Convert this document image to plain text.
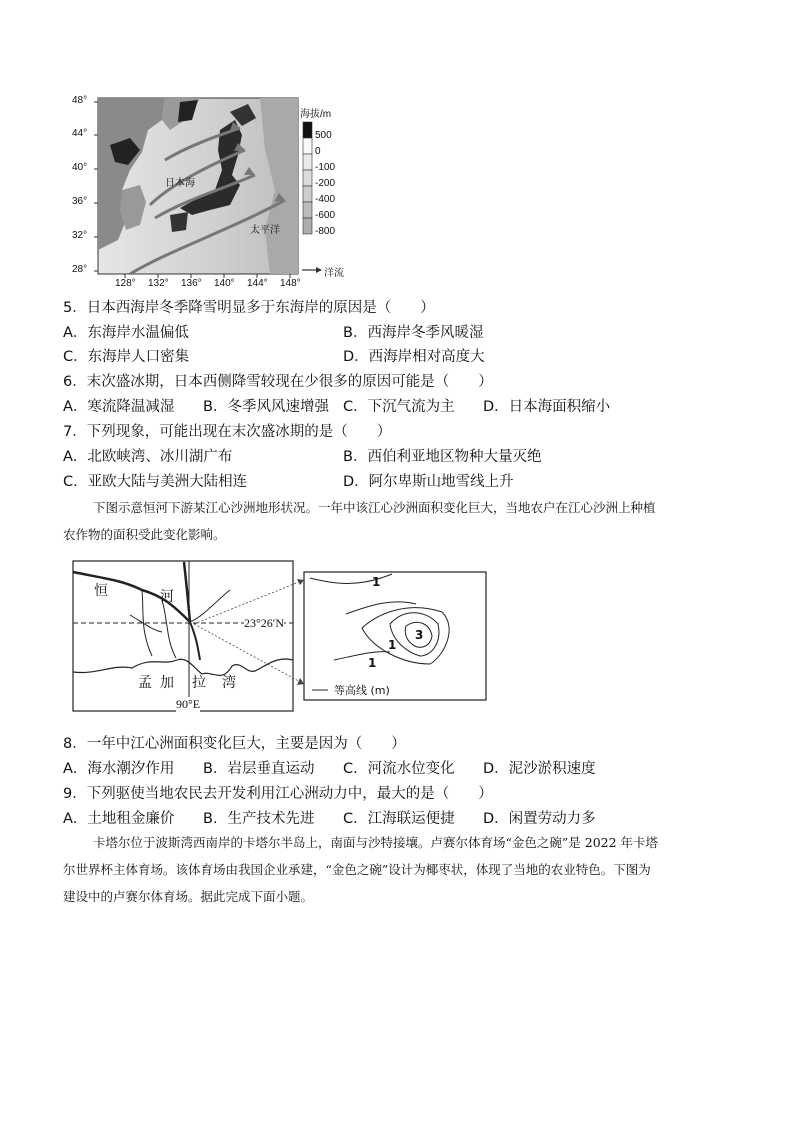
48°
44°
40°
36°
32°
28°
128° 132° 136° 140° 144° 148°
海拔/m
500
0
-100
-200
-400
-600
-800
洋流
日本海
太平洋
5．日本西海岸冬季降雪明显多于东海岸的原因是（　　）
A．东海岸水温偏低	B．西海岸冬季风暖湿
C．东海岸人口密集	D．西海岸相对高度大
6．末次盛冰期，日本西侧降雪较现在少很多的原因可能是（　　）
A．寒流降温减湿 B．冬季风风速增强 C．下沉气流为主 D．日本海面积缩小
7．下列现象，可能出现在末次盛冰期的是（　　）
A．北欧峡湾、冰川湖广布	B．西伯利亚地区物种大量灭绝
C．亚欧大陆与美洲大陆相连	D．阿尔卑斯山地雪线上升
下图示意恒河下游某江心沙洲地形状况。一年中该江心沙洲面积变化巨大，当地农户在江心沙洲上种植
农作物的面积受此变化影响。
恒	河
孟 加 拉 湾
23°26′N
90°E
1
1
1
3
等高线 (m)
8．一年中江心洲面积变化巨大，主要是因为（　　）
A．海水潮汐作用 B．岩层垂直运动 C．河流水位变化 D．泥沙淤积速度
9．下列驱使当地农民去开发利用江心洲动力中，最大的是（　　）
A．土地租金廉价 B．生产技术先进 C．江海联运便捷 D．闲置劳动力多
卡塔尔位于波斯湾西南岸的卡塔尔半岛上，南面与沙特接壤。卢赛尔体育场“金色之碗”是 2022 年卡塔
尔世界杯主体育场。该体育场由我国企业承建，“金色之碗”设计为椰枣状，体现了当地的农业特色。下图为
建设中的卢赛尔体育场。据此完成下面小题。
